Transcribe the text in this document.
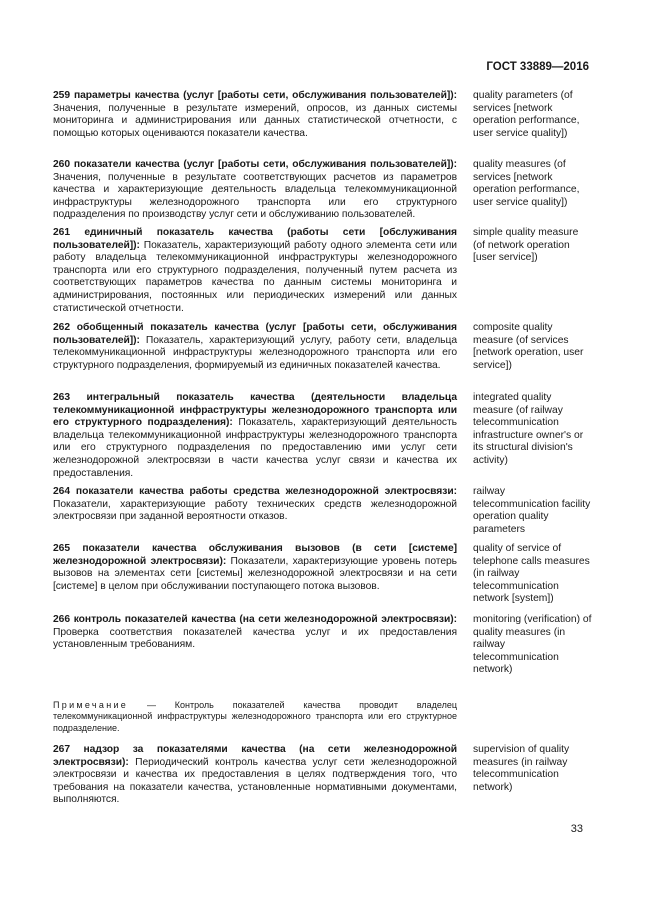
ГОСТ 33889—2016
259 параметры качества (услуг [работы сети, обслуживания пользователей]): Значения, полученные в результате измерений, опросов, из данных системы мониторинга и администрирования или данных статистической отчетности, с помощью которых оцениваются показатели качества.
quality parameters (of services [network operation performance, user service quality])
260 показатели качества (услуг [работы сети, обслуживания пользователей]): Значения, полученные в результате соответствующих расчетов из параметров качества и характеризующие деятельность владельца телекоммуникационной инфраструктуры железнодорожного транспорта или его структурного подразделения по производству услуг сети и обслуживанию пользователей.
quality measures (of services [network operation performance, user service quality])
261 единичный показатель качества (работы сети [обслуживания пользователей]): Показатель, характеризующий работу одного элемента сети или работу владельца телекоммуникационной инфраструктуры железнодорожного транспорта или его структурного подразделения, полученный путем расчета из соответствующих параметров качества по данным системы мониторинга и администрирования, постоянных или периодических измерений или данных статистической отчетности.
simple quality measure (of network operation [user service])
262 обобщенный показатель качества (услуг [работы сети, обслуживания пользователей]): Показатель, характеризующий услугу, работу сети, владельца телекоммуникационной инфраструктуры железнодорожного транспорта или его структурного подразделения, формируемый из единичных показателей качества.
composite quality measure (of services [network operation, user service])
263 интегральный показатель качества (деятельности владельца телекоммуникационной инфраструктуры железнодорожного транспорта или его структурного подразделения): Показатель, характеризующий деятельность владельца телекоммуникационной инфраструктуры железнодорожного транспорта или его структурного подразделения по предоставлению ими услуг сети железнодорожной электросвязи в части качества услуг связи и качества их предоставления.
integrated quality measure (of railway telecommunication infrastructure owner's or its structural division's activity)
264 показатели качества работы средства железнодорожной электросвязи: Показатели, характеризующие работу технических средств железнодорожной электросвязи при заданной вероятности отказов.
railway telecommunication facility operation quality parameters
265 показатели качества обслуживания вызовов (в сети [системе] железнодорожной электросвязи): Показатели, характеризующие уровень потерь вызовов на элементах сети [системы] железнодорожной электросвязи и на сети [системе] в целом при обслуживании поступающего потока вызовов.
quality of service of telephone calls measures (in railway telecommunication network [system])
266 контроль показателей качества (на сети железнодорожной электросвязи): Проверка соответствия показателей качества услуг и их предоставления установленным требованиям.
monitoring (verification) of quality measures (in railway telecommunication network)
Примечание — Контроль показателей качества проводит владелец телекоммуникационной инфраструктуры железнодорожного транспорта или его структурное подразделение.
267 надзор за показателями качества (на сети железнодорожной электросвязи): Периодический контроль качества услуг сети железнодорожной электросвязи и качества их предоставления в целях подтверждения того, что требования на показатели качества, установленные нормативными документами, выполняются.
supervision of quality measures (in railway telecommunication network)
33
